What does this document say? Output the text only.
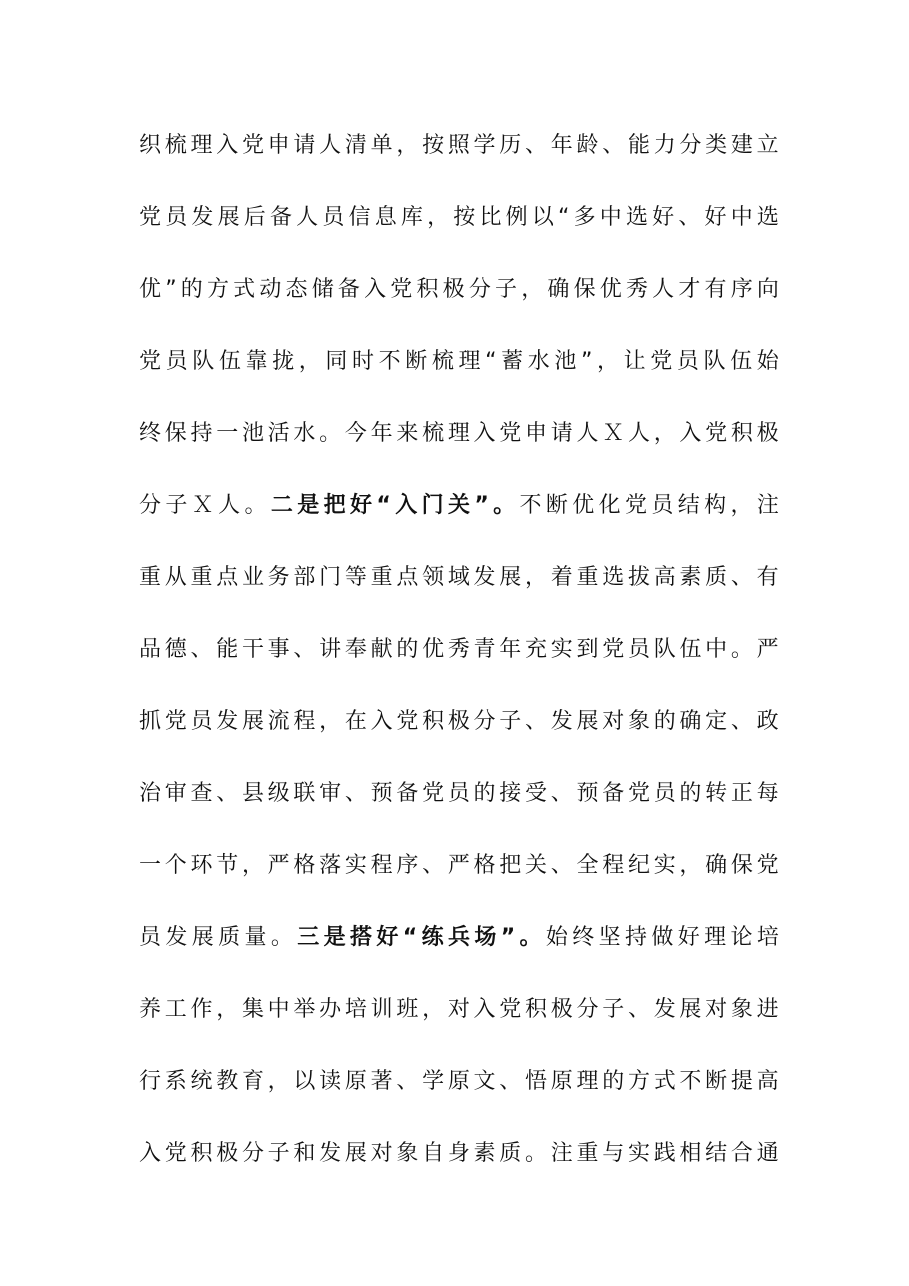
织 梳 理 入 党 申 请 人 清 单 ， 按 照 学 历 、 年 龄 、 能 力 分 类 建 立
党 员 发 展 后 备 人 员 信 息 库 ， 按 比 例 以 “ 多 中 选 好 、 好 中 选
优 ” 的 方 式 动 态 储 备 入 党 积 极 分 子 ， 确 保 优 秀 人 才 有 序 向
党 员 队 伍 靠 拢 ， 同 时 不 断 梳 理 “ 蓄 水 池 ” ， 让 党 员 队 伍 始
终 保 持 一 池 活 水 。 今 年 来 梳 理 入 党 申 请 人 Ｘ 人 ， 入 党 积 极
分 子 Ｘ 人 。 二 是 把 好 “ 入 门 关 ” 。 不 断 优 化 党 员 结 构 ， 注
重 从 重 点 业 务 部 门 等 重 点 领 域 发 展 ， 着 重 选 拔 高 素 质 、 有
品 德 、 能 干 事 、 讲 奉 献 的 优 秀 青 年 充 实 到 党 员 队 伍 中 。 严
抓 党 员 发 展 流 程 ， 在 入 党 积 极 分 子 、 发 展 对 象 的 确 定 、 政
治 审 查 、 县 级 联 审 、 预 备 党 员 的 接 受 、 预 备 党 员 的 转 正 每
一 个 环 节 ， 严 格 落 实 程 序 、 严 格 把 关 、 全 程 纪 实 ， 确 保 党
员 发 展 质 量 。 三 是 搭 好 “ 练 兵 场 ” 。 始 终 坚 持 做 好 理 论 培
养 工 作 ， 集 中 举 办 培 训 班 ， 对 入 党 积 极 分 子 、 发 展 对 象 进
行 系 统 教 育 ， 以 读 原 著 、 学 原 文 、 悟 原 理 的 方 式 不 断 提 高
入 党 积 极 分 子 和 发 展 对 象 自 身 素 质 。 注 重 与 实 践 相 结 合 通
